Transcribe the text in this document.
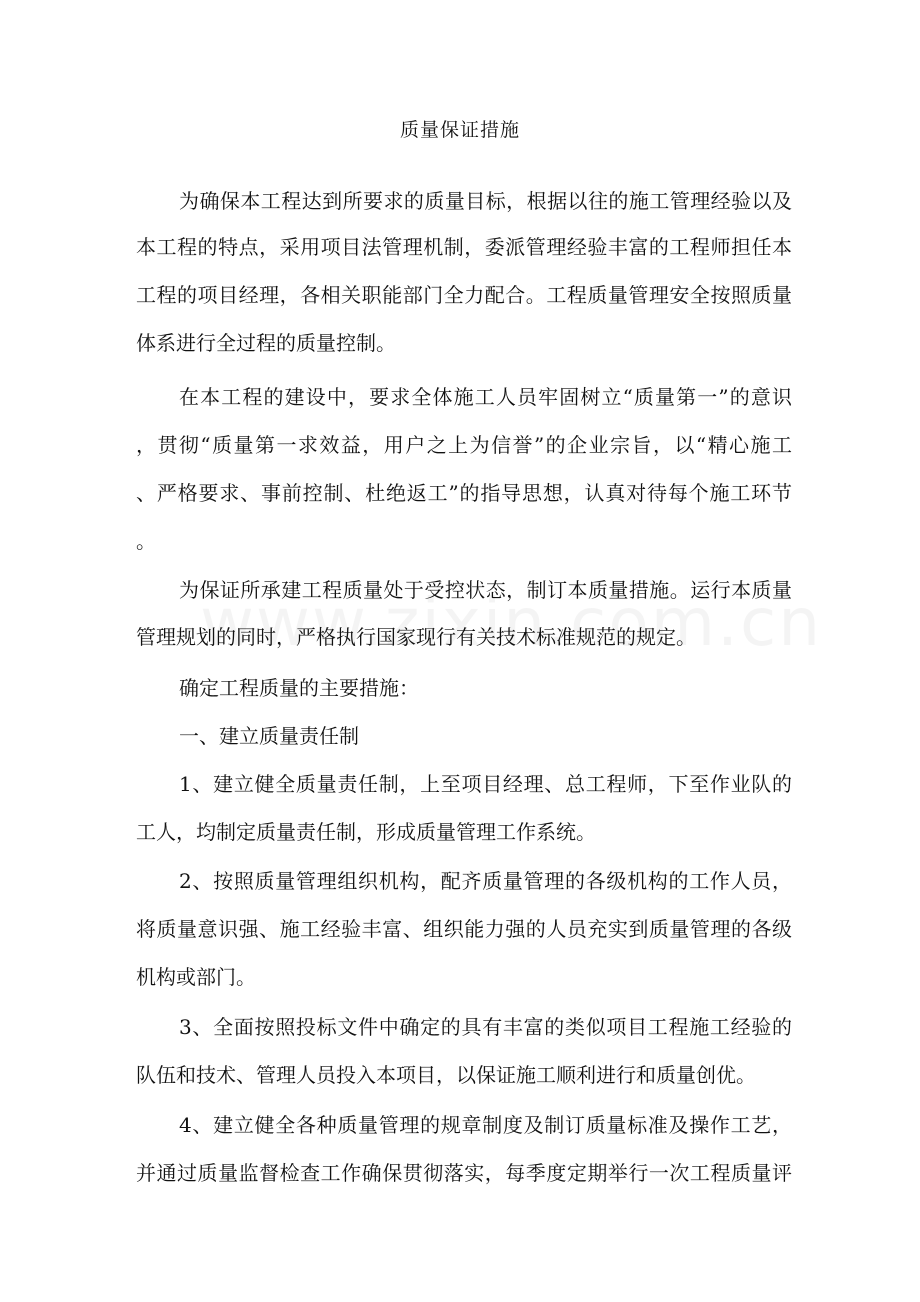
质量保证措施
为确保本工程达到所要求的质量目标，根据以往的施工管理经验以及
本工程的特点，采用项目法管理机制，委派管理经验丰富的工程师担任本
工程的项目经理，各相关职能部门全力配合。工程质量管理安全按照质量
体系进行全过程的质量控制。
在本工程的建设中，要求全体施工人员牢固树立“质量第一”的意识
，贯彻“质量第一求效益，用户之上为信誉”的企业宗旨，以“精心施工
、严格要求、事前控制、杜绝返工”的指导思想，认真对待每个施工环节
。
为保证所承建工程质量处于受控状态，制订本质量措施。运行本质量
管理规划的同时，严格执行国家现行有关技术标准规范的规定。
确定工程质量的主要措施：
一、建立质量责任制
1、建立健全质量责任制，上至项目经理、总工程师，下至作业队的
工人，均制定质量责任制，形成质量管理工作系统。
2、按照质量管理组织机构，配齐质量管理的各级机构的工作人员，
将质量意识强、施工经验丰富、组织能力强的人员充实到质量管理的各级
机构或部门。
3、全面按照投标文件中确定的具有丰富的类似项目工程施工经验的
队伍和技术、管理人员投入本项目，以保证施工顺利进行和质量创优。
4、建立健全各种质量管理的规章制度及制订质量标准及操作工艺，
并通过质量监督检查工作确保贯彻落实，每季度定期举行一次工程质量评
